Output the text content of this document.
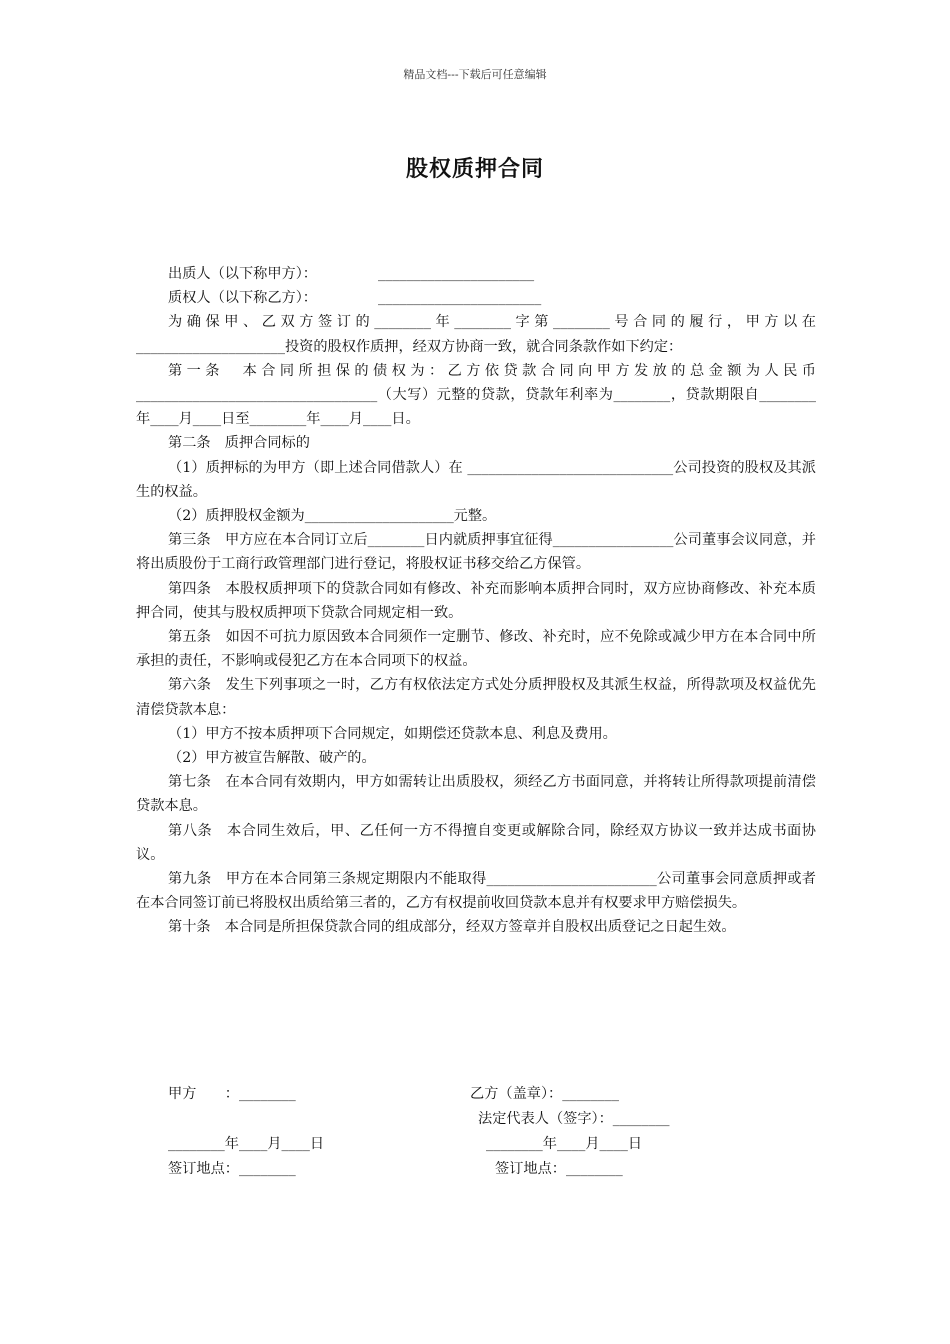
精品文档---下载后可任意编辑
股权质押合同

出质人（以下称甲方）：	______________________

质权人（以下称乙方）：	_______________________

为确保甲、乙双方签订的________年________字第________号合同的履行，甲方以在_____________________投资的股权作质押，经双方协商一致，就合同条款作如下约定：

第一条　本合同所担保的债权为：乙方依贷款合同向甲方发放的总金额为人民币__________________________________（大写）元整的贷款，贷款年利率为________，贷款期限自________年____月____日至________年____月____日。

第二条　质押合同标的

（1）质押标的为甲方（即上述合同借款人）在 _____________________________公司投资的股权及其派生的权益。

（2）质押股权金额为_____________________元整。

第三条　甲方应在本合同订立后________日内就质押事宜征得_________________公司董事会议同意，并将出质股份于工商行政管理部门进行登记，将股权证书移交给乙方保管。

第四条　本股权质押项下的贷款合同如有修改、补充而影响本质押合同时，双方应协商修改、补充本质押合同，使其与股权质押项下贷款合同规定相一致。

第五条　如因不可抗力原因致本合同须作一定删节、修改、补充时，应不免除或减少甲方在本合同中所承担的责任，不影响或侵犯乙方在本合同项下的权益。

第六条　发生下列事项之一时，乙方有权依法定方式处分质押股权及其派生权益，所得款项及权益优先清偿贷款本息：

（1）甲方不按本质押项下合同规定，如期偿还贷款本息、利息及费用。

（2）甲方被宣告解散、破产的。

第七条　在本合同有效期内，甲方如需转让出质股权，须经乙方书面同意，并将转让所得款项提前清偿贷款本息。

第八条　本合同生效后，甲、乙任何一方不得擅自变更或解除合同，除经双方协议一致并达成书面协议。

第九条　甲方在本合同第三条规定期限内不能取得________________________公司董事会同意质押或者在本合同签订前已将股权出质给第三者的，乙方有权提前收回贷款本息并有权要求甲方赔偿损失。

第十条　本合同是所担保贷款合同的组成部分，经双方签章并自股权出质登记之日起生效。

甲方　　：________	乙方（盖章）：________
法定代表人（签字）：________
________年____月____日	________年____月____日
签订地点：________	签订地点：________
